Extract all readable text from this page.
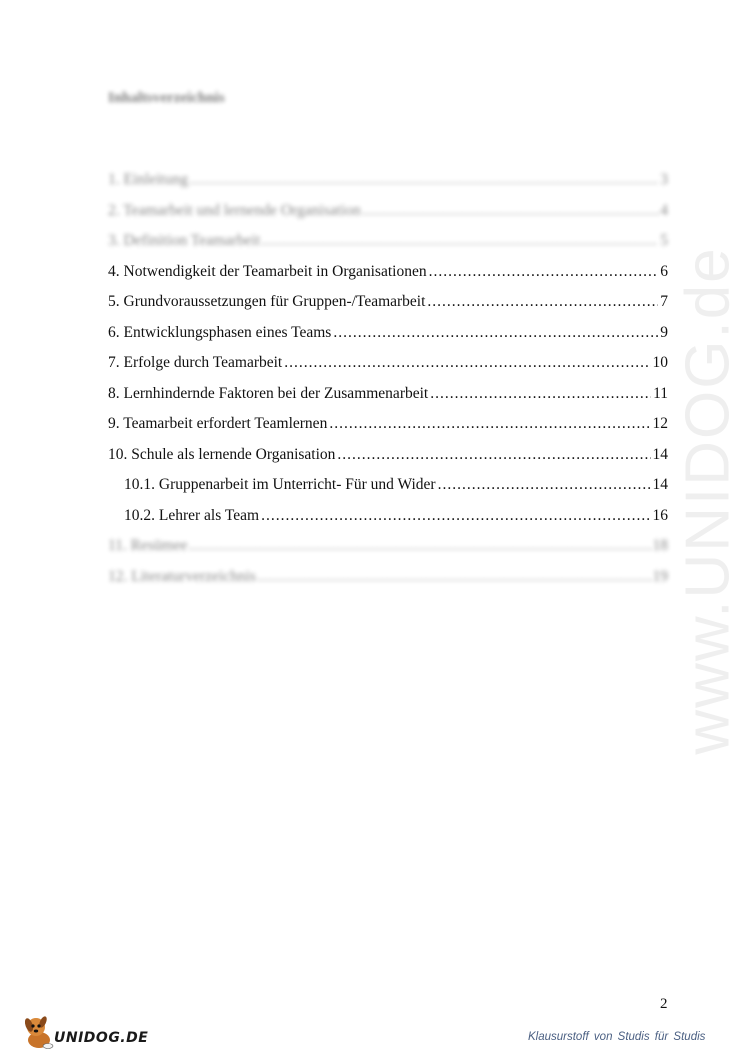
Inhaltsverzeichnis
1. Einleitung .....	3
2. Teamarbeit und lernende Organisation .....	4
3. Definition Teamarbeit .....	5
4. Notwendigkeit der Teamarbeit in Organisationen .....	6
5. Grundvoraussetzungen für Gruppen-/Teamarbeit .....	7
6. Entwicklungsphasen eines Teams .....	9
7. Erfolge durch Teamarbeit .....	10
8. Lernhindernde Faktoren bei der Zusammenarbeit .....	11
9. Teamarbeit erfordert Teamlernen .....	12
10. Schule als lernende Organisation .....	14
10.1. Gruppenarbeit im Unterricht- Für und Wider .....	14
10.2. Lehrer als Team .....	16
11. Resümee .....	18
12. Literaturverzeichnis .....	19 www.UNIDOG.de
2
UNIDOG.DE	Klausurstoff von Studis für Studis
